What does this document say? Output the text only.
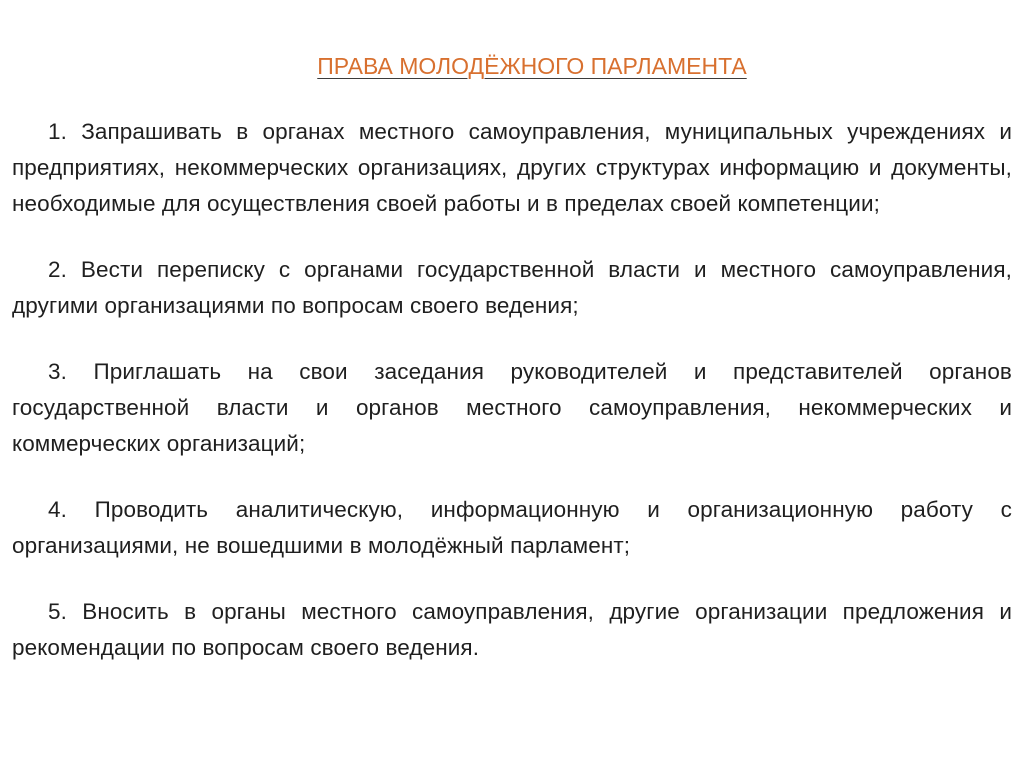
ПРАВА МОЛОДЁЖНОГО ПАРЛАМЕНТА

1. Запрашивать в органах местного самоуправления, муниципальных учреждениях и предприятиях, некоммерческих организациях, других структурах информацию и документы, необходимые для осуществления своей работы и в пределах своей компетенции;

2. Вести переписку с органами государственной власти и местного самоуправления, другими организациями по вопросам своего ведения;

3. Приглашать на свои заседания руководителей и представителей органов государственной власти и органов местного самоуправления, некоммерческих и коммерческих организаций;

4. Проводить аналитическую, информационную и организационную работу с организациями, не вошедшими в молодёжный парламент;

5. Вносить в органы местного самоуправления, другие организации предложения и рекомендации по вопросам своего ведения.
